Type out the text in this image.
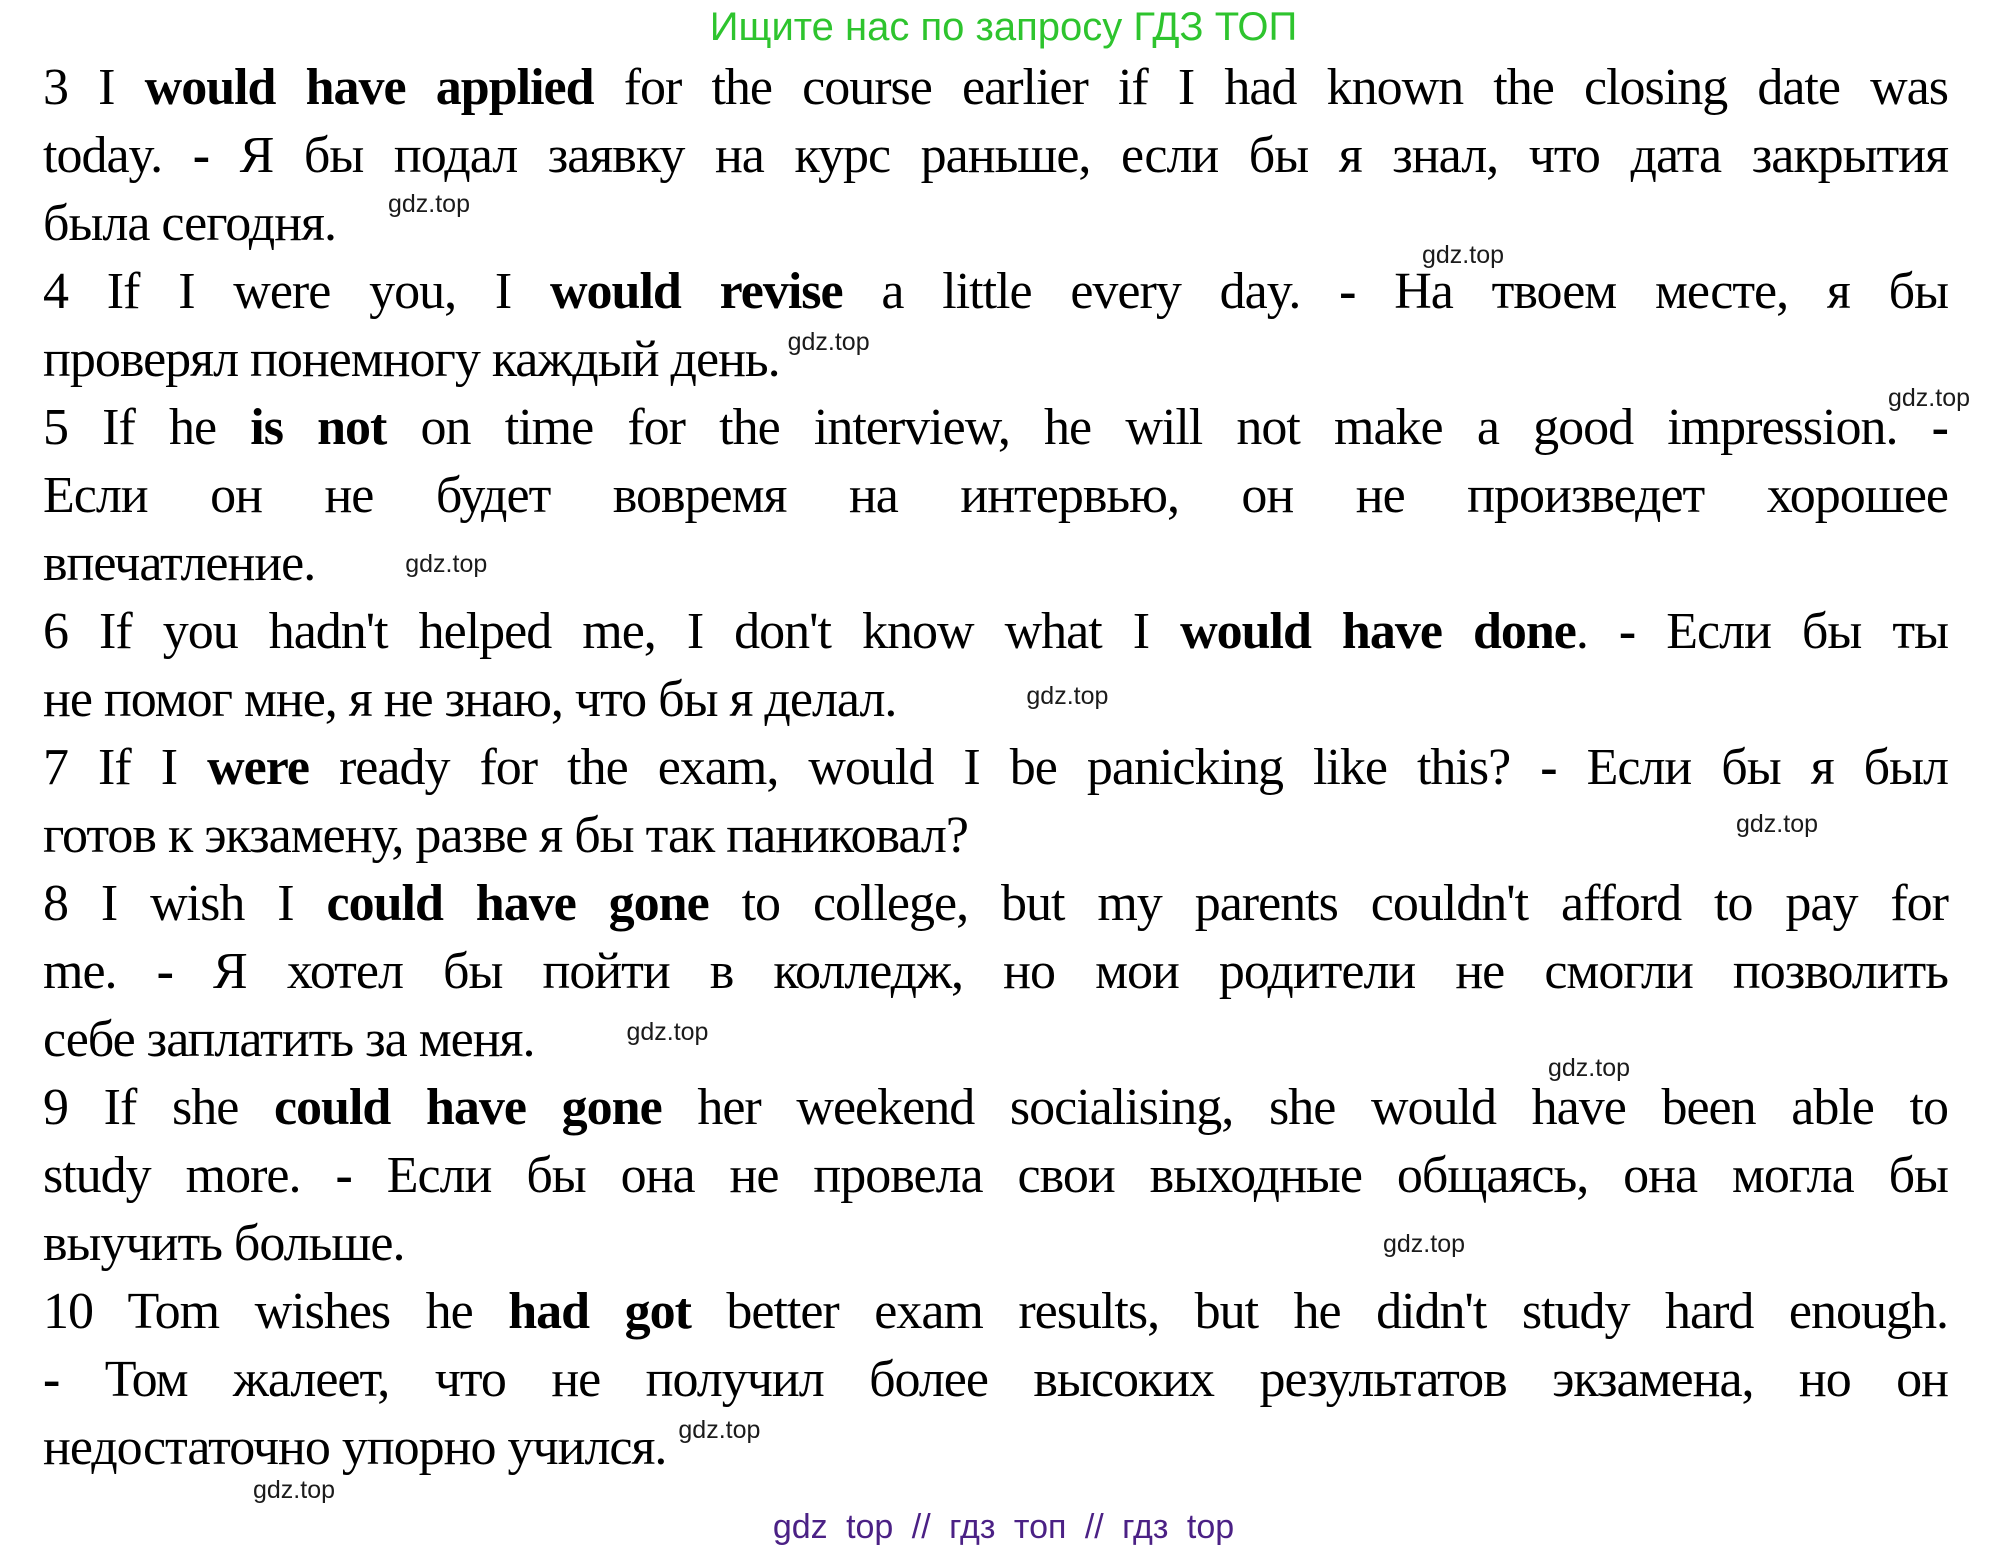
Ищите нас по запросу ГДЗ ТОП
3 I would have applied for the course earlier if I had known the closing date was
today. - Я бы подал заявку на курс раньше, если бы я знал, что дата закрытия
была сегодня. gdz.top
4 If I were you, I would revise a little every day. - На твоем месте, я бы
проверял понемногу каждый день. gdz.top
5 If he is not on time for the interview, he will not make a good impression. -
Если он не будет вовремя на интервью, он не произведет хорошее
впечатление.	gdz.top
6 If you hadn't helped me, I don't know what I would have done. - Если бы ты
не помог мне, я не знаю, что бы я делал.	gdz.top
7 If I were ready for the exam, would I be panicking like this? - Если бы я был
готов к экзамену, разве я бы так паниковал?
8 I wish I could have gone to college, but my parents couldn't afford to pay for
me. - Я хотел бы пойти в колледж, но мои родители не смогли позволить
себе заплатить за меня.	gdz.top
9 If she could have gone her weekend socialising, she would have been able to
study more. - Если бы она не провела свои выходные общаясь, она могла бы
выучить больше.
10 Tom wishes he had got better exam results, but he didn't study hard enough.
- Том жалеет, что не получил более высоких результатов экзамена, но он
недостаточно упорно учился. gdz.top
gdz top // гдз топ // гдз top
gdz.top
gdz.top
gdz.top
gdz.top
gdz.top
gdz.top
